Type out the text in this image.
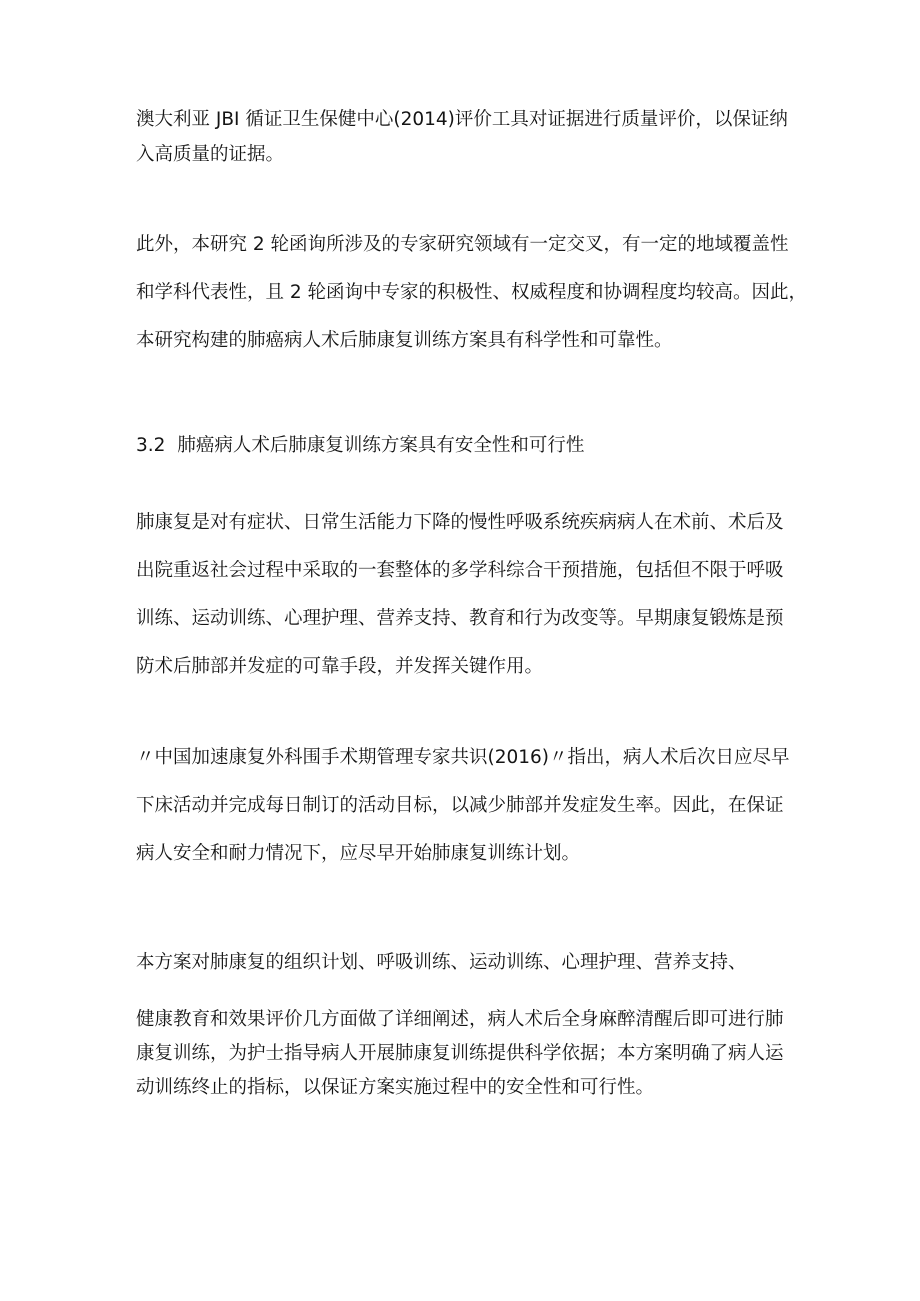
澳大利亚 JBI 循证卫生保健中心(2014)评价工具对证据进行质量评价，以保证纳
入高质量的证据。
此外，本研究 2 轮函询所涉及的专家研究领域有一定交叉，有一定的地域覆盖性
和学科代表性，且 2 轮函询中专家的积极性、权威程度和协调程度均较高。因此，
本研究构建的肺癌病人术后肺康复训练方案具有科学性和可靠性。
3.2 肺癌病人术后肺康复训练方案具有安全性和可行性
肺康复是对有症状、日常生活能力下降的慢性呼吸系统疾病病人在术前、术后及
出院重返社会过程中采取的一套整体的多学科综合干预措施，包括但不限于呼吸
训练、运动训练、心理护理、营养支持、教育和行为改变等。早期康复锻炼是预
防术后肺部并发症的可靠手段，并发挥关键作用。
〃中国加速康复外科围手术期管理专家共识(2016)〃指出，病人术后次日应尽早
下床活动并完成每日制订的活动目标，以减少肺部并发症发生率。因此，在保证
病人安全和耐力情况下，应尽早开始肺康复训练计划。
本方案对肺康复的组织计划、呼吸训练、运动训练、心理护理、营养支持、
健康教育和效果评价几方面做了详细阐述，病人术后全身麻醉清醒后即可进行肺
康复训练，为护士指导病人开展肺康复训练提供科学依据；本方案明确了病人运
动训练终止的指标，以保证方案实施过程中的安全性和可行性。
